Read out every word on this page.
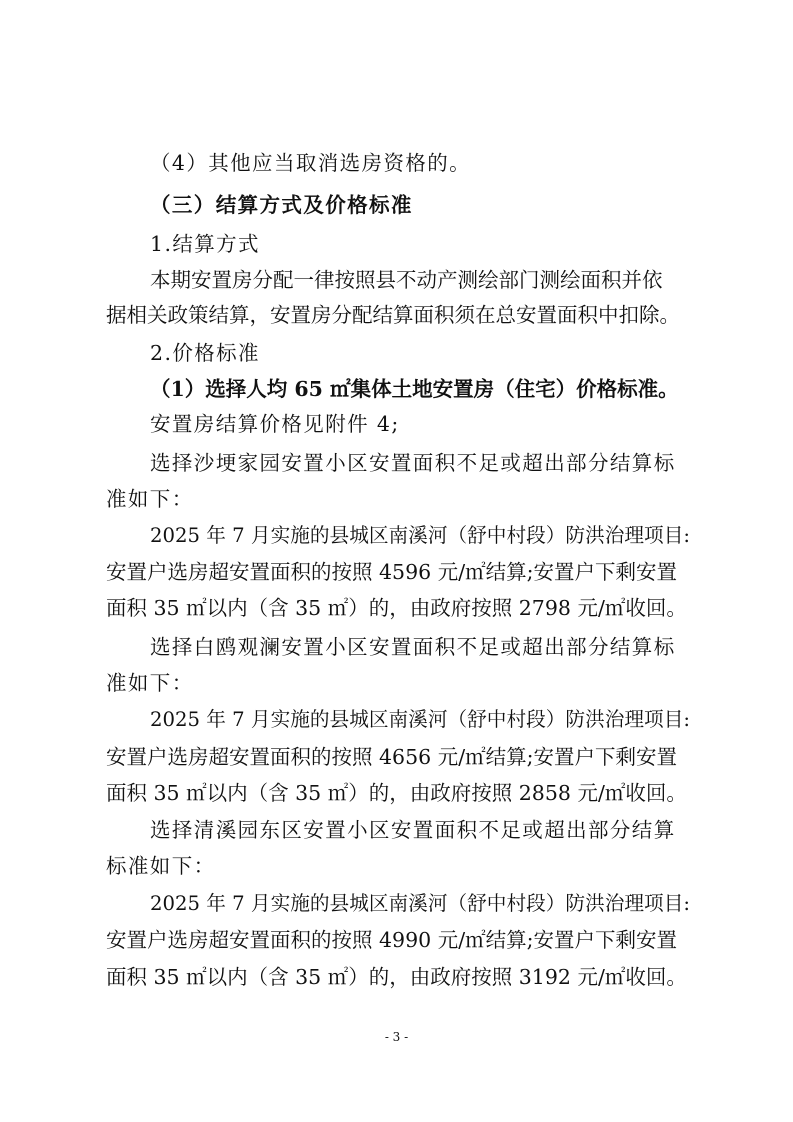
（4）其他应当取消选房资格的。
（三）结算方式及价格标准
1.结算方式
本期安置房分配一律按照县不动产测绘部门测绘面积并依
据相关政策结算，安置房分配结算面积须在总安置面积中扣除。
2.价格标准
（1）选择人均 65 ㎡集体土地安置房（住宅）价格标准。
安置房结算价格见附件 4;
选择沙埂家园安置小区安置面积不足或超出部分结算标
准如下：
2025 年 7 月实施的县城区南溪河（舒中村段）防洪治理项目:
安置户选房超安置面积的按照 4596 元/㎡结算;安置户下剩安置
面积 35 ㎡以内（含 35 ㎡）的，由政府按照 2798 元/㎡收回。
选择白鸥观澜安置小区安置面积不足或超出部分结算标
准如下：
2025 年 7 月实施的县城区南溪河（舒中村段）防洪治理项目:
安置户选房超安置面积的按照 4656 元/㎡结算;安置户下剩安置
面积 35 ㎡以内（含 35 ㎡）的，由政府按照 2858 元/㎡收回。
选择清溪园东区安置小区安置面积不足或超出部分结算
标准如下：
2025 年 7 月实施的县城区南溪河（舒中村段）防洪治理项目:
安置户选房超安置面积的按照 4990 元/㎡结算;安置户下剩安置
面积 35 ㎡以内（含 35 ㎡）的，由政府按照 3192 元/㎡收回。
- 3 -
